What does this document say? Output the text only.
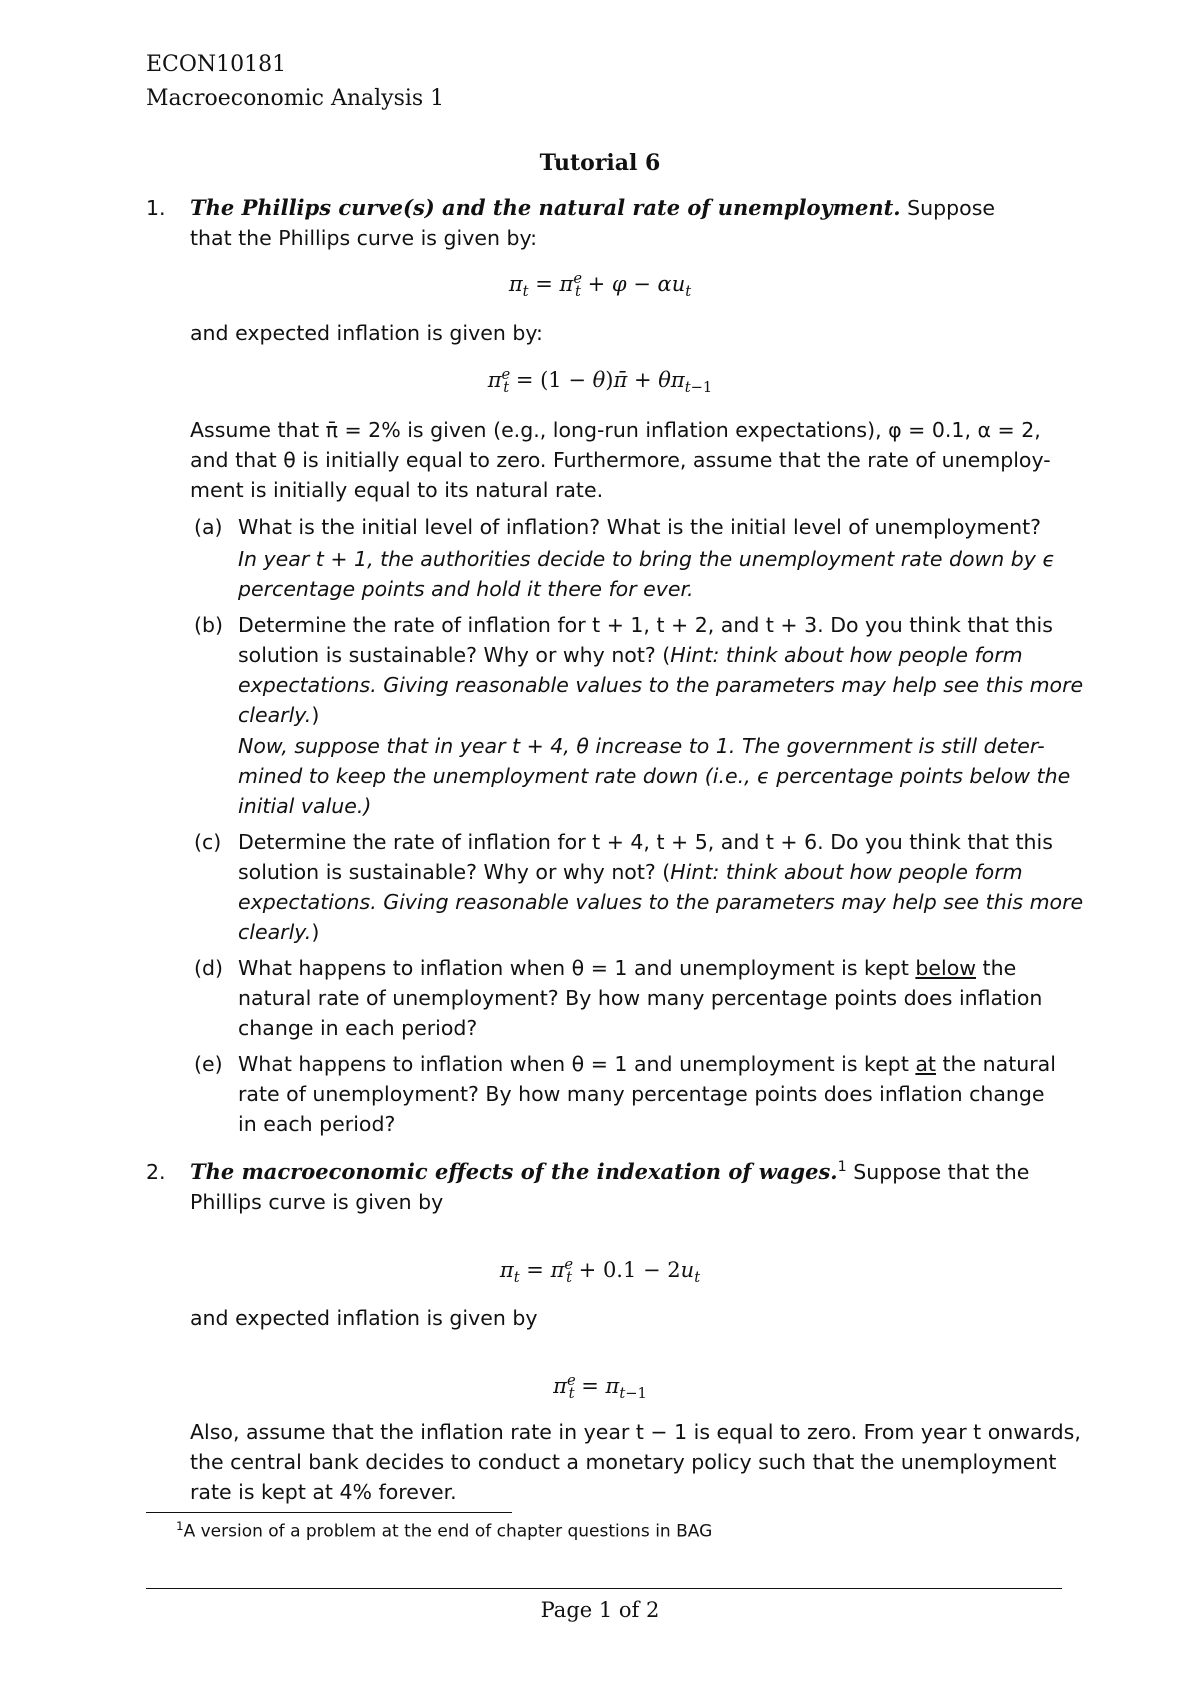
ECON10181
Macroeconomic Analysis 1
Tutorial 6
1. The Phillips curve(s) and the natural rate of unemployment. Suppose
that the Phillips curve is given by:
$\pi_t = \pi^e_t + \varphi - \alpha u_t$
and expected inflation is given by:
$\pi^e_t = (1$ − θ)π̄ + $\theta\pi_{t-1}$
Assume that π̄ = 2% is given (e.g., long-run inflation expectations), φ = 0.1, α = 2,
and that θ is initially equal to zero. Furthermore, assume that the rate of unemploy-
ment is initially equal to its natural rate.
(a) What is the initial level of inflation? What is the initial level of unemployment?
In year t + 1, the authorities decide to bring the unemployment rate down by ϵ
percentage points and hold it there for ever.
(b) Determine the rate of inflation for t + 1, t + 2, and t + 3. Do you think that this
solution is sustainable? Why or why not? (Hint: think about how people form
expectations. Giving reasonable values to the parameters may help see this more
clearly.)
Now, suppose that in year t + 4, θ increase to 1. The government is still deter-
mined to keep the unemployment rate down (i.e., ϵ percentage points below the
initial value.)
(c) Determine the rate of inflation for t + 4, t + 5, and t + 6. Do you think that this
solution is sustainable? Why or why not? (Hint: think about how people form
expectations. Giving reasonable values to the parameters may help see this more
clearly.)
(d) What happens to inflation when θ = 1 and unemployment is kept below the
natural rate of unemployment? By how many percentage points does inflation
change in each period?
(e) What happens to inflation when θ = 1 and unemployment is kept at the natural
rate of unemployment? By how many percentage points does inflation change
in each period?
2. The macroeconomic effects of the indexation of wages.$^1$ Suppose that the
Phillips curve is given by
$\pi_t = \pi^e_t + 0.1 - 2u_t$
and expected inflation is given by
$\pi^e_t = \pi_{t-1}$
Also, assume that the inflation rate in year t − 1 is equal to zero. From year t onwards,
the central bank decides to conduct a monetary policy such that the unemployment
rate is kept at 4% forever.
$^1$A version of a problem at the end of chapter questions in BAG
Page 1 of 2
